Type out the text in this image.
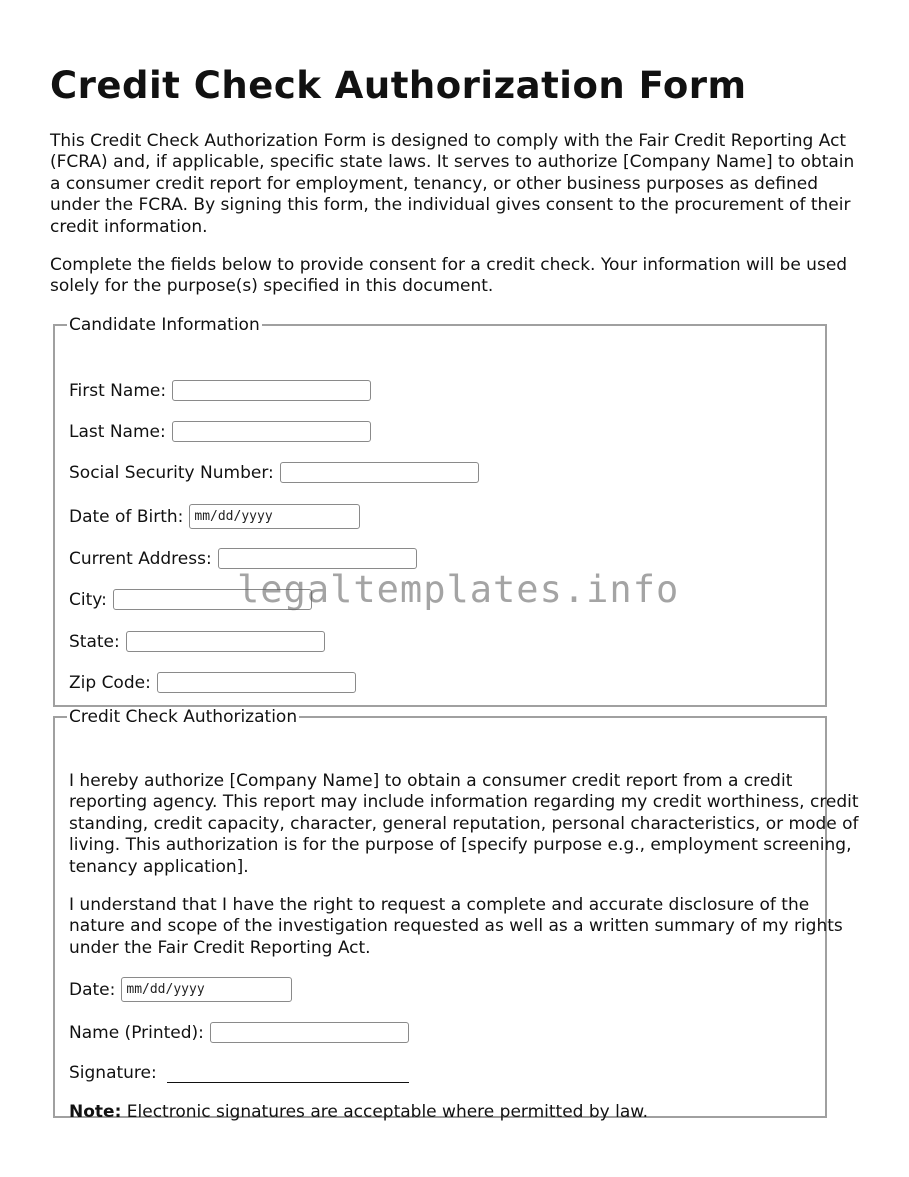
Credit Check Authorization Form

This Credit Check Authorization Form is designed to comply with the Fair Credit Reporting Act (FCRA) and, if applicable, specific state laws. It serves to authorize [Company Name] to obtain a consumer credit report for employment, tenancy, or other business purposes as defined under the FCRA. By signing this form, the individual gives consent to the procurement of their credit information.

Complete the fields below to provide consent for a credit check. Your information will be used solely for the purpose(s) specified in this document.

Candidate Information
First Name:
Last Name:
Social Security Number:
Date of Birth: mm/dd/yyyy
Current Address:
City:
State:
Zip Code:
Credit Check Authorization

I hereby authorize [Company Name] to obtain a consumer credit report from a credit reporting agency. This report may include information regarding my credit worthiness, credit standing, credit capacity, character, general reputation, personal characteristics, or mode of living. This authorization is for the purpose of [specify purpose e.g., employment screening, tenancy application].

I understand that I have the right to request a complete and accurate disclosure of the nature and scope of the investigation requested as well as a written summary of my rights under the Fair Credit Reporting Act.

Date: mm/dd/yyyy
Name (Printed):
Signature:
Note: Electronic signatures are acceptable where permitted by law.
legaltemplates.info
